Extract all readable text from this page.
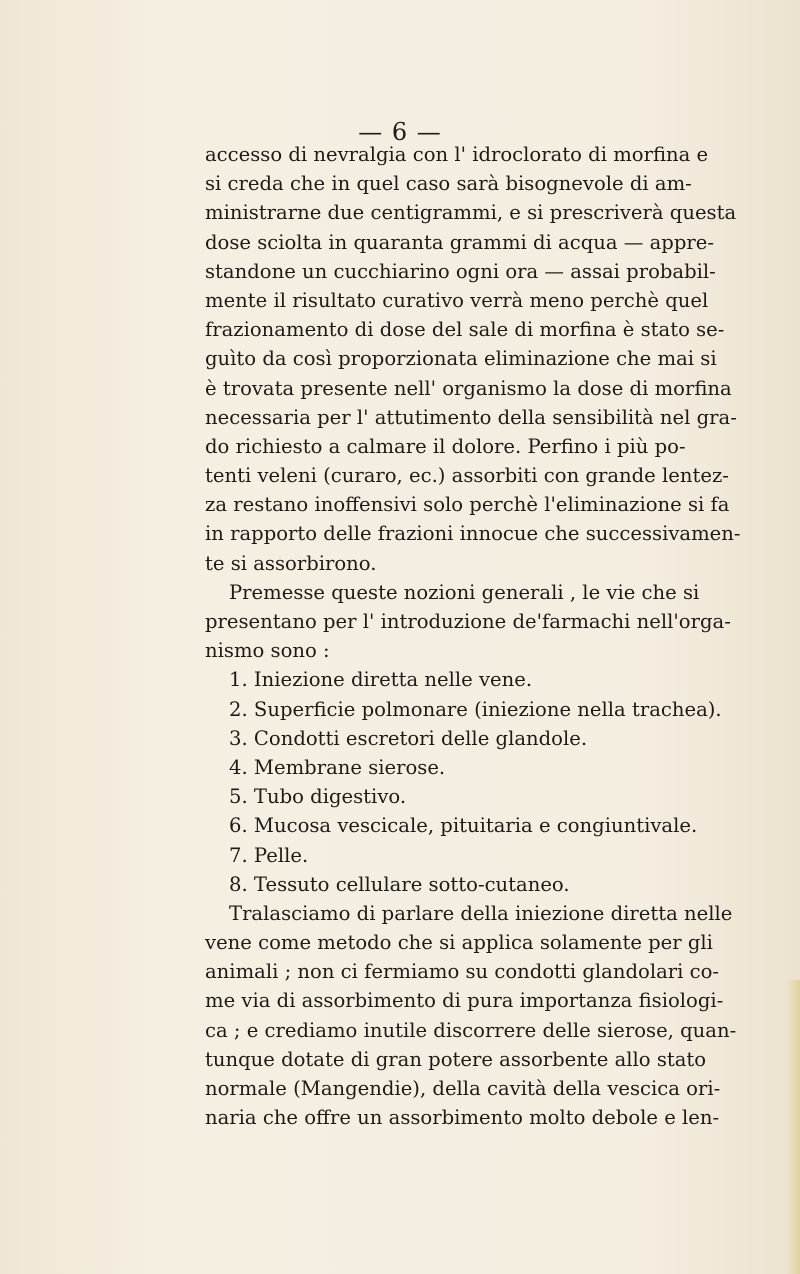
— 6 —
accesso di nevralgia con l' idroclorato di morfina e
si creda che in quel caso sarà bisognevole di am-
ministrarne due centigrammi, e si prescriverà questa
dose sciolta in quaranta grammi di acqua — appre-
standone un cucchiarino ogni ora — assai probabil-
mente il risultato curativo verrà meno perchè quel
frazionamento di dose del sale di morfina è stato se-
guìto da così proporzionata eliminazione che mai si
è trovata presente nell' organismo la dose di morfina
necessaria per l' attutimento della sensibilità nel gra-
do richiesto a calmare il dolore. Perfino i più po-
tenti veleni (curaro, ec.) assorbiti con grande lentez-
za restano inoffensivi solo perchè l'eliminazione si fa
in rapporto delle frazioni innocue che successivamen-
te si assorbirono.
Premesse queste nozioni generali , le vie che si
presentano per l' introduzione de'farmachi nell'orga-
nismo sono :
1. Iniezione diretta nelle vene.
2. Superficie polmonare (iniezione nella trachea).
3. Condotti escretori delle glandole.
4. Membrane sierose.
5. Tubo digestivo.
6. Mucosa vescicale, pituitaria e congiuntivale.
7. Pelle.
8. Tessuto cellulare sotto-cutaneo.
Tralasciamo di parlare della iniezione diretta nelle
vene come metodo che si applica solamente per gli
animali ; non ci fermiamo su condotti glandolari co-
me via di assorbimento di pura importanza fisiologi-
ca ; e crediamo inutile discorrere delle sierose, quan-
tunque dotate di gran potere assorbente allo stato
normale (Mangendie), della cavità della vescica ori-
naria che offre un assorbimento molto debole e len-
